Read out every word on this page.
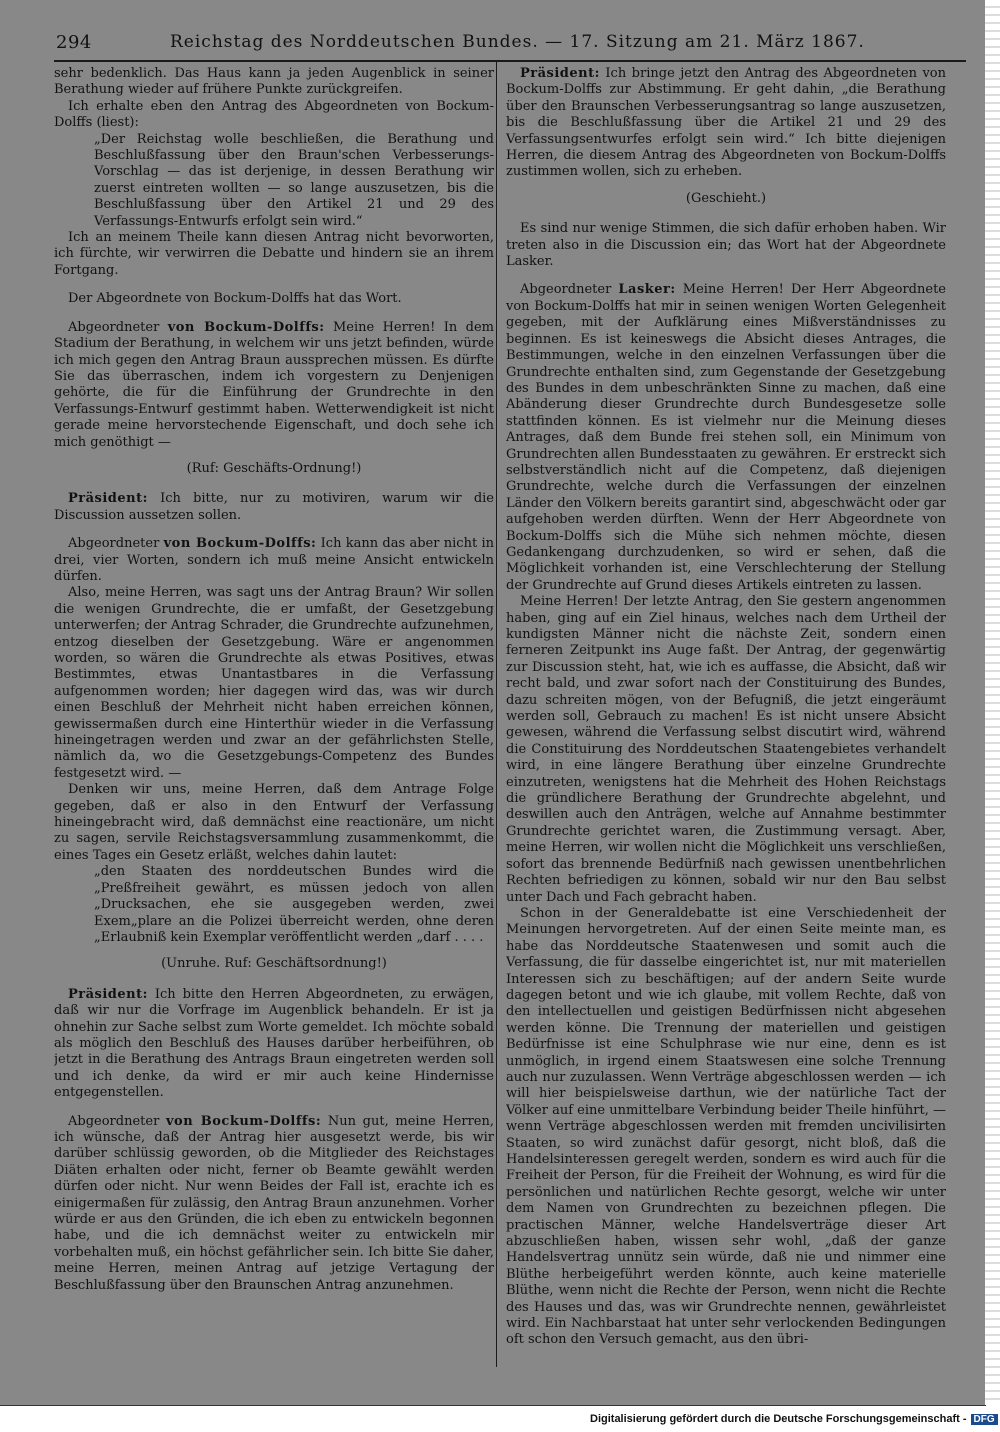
294	Reichstag des Norddeutschen Bundes. — 17. Sitzung am 21. März 1867.

sehr bedenklich. Das Haus kann ja jeden Augenblick in seiner Berathung wieder auf frühere Punkte zurückgreifen.

Ich erhalte eben den Antrag des Abgeordneten von Bockum-Dolffs (liest):

„Der Reichstag wolle beschließen, die Berathung und Beschlußfassung über den Braun'schen Verbesserungs-Vorschlag — das ist derjenige, in dessen Berathung wir zuerst eintreten wollten — so lange auszusetzen, bis die Beschlußfassung über den Artikel 21 und 29 des Verfassungs-Entwurfs erfolgt sein wird.“

Ich an meinem Theile kann diesen Antrag nicht bevorworten, ich fürchte, wir verwirren die Debatte und hindern sie an ihrem Fortgang.

Der Abgeordnete von Bockum-Dolffs hat das Wort.

Abgeordneter von Bockum-Dolffs: Meine Herren! In dem Stadium der Berathung, in welchem wir uns jetzt befinden, würde ich mich gegen den Antrag Braun aussprechen müssen. Es dürfte Sie das überraschen, indem ich vorgestern zu Denjenigen gehörte, die für die Einführung der Grundrechte in den Verfassungs-Entwurf gestimmt haben. Wetterwendigkeit ist nicht gerade meine hervorstechende Eigenschaft, und doch sehe ich mich genöthigt —

(Ruf: Geschäfts-Ordnung!)

Präsident: Ich bitte, nur zu motiviren, warum wir die Discussion aussetzen sollen.

Abgeordneter von Bockum-Dolffs: Ich kann das aber nicht in drei, vier Worten, sondern ich muß meine Ansicht entwickeln dürfen.

Also, meine Herren, was sagt uns der Antrag Braun? Wir sollen die wenigen Grundrechte, die er umfaßt, der Gesetzgebung unterwerfen; der Antrag Schrader, die Grundrechte aufzunehmen, entzog dieselben der Gesetzgebung. Wäre er angenommen worden, so wären die Grundrechte als etwas Positives, etwas Bestimmtes, etwas Unantastbares in die Verfassung aufgenommen worden; hier dagegen wird das, was wir durch einen Beschluß der Mehrheit nicht haben erreichen können, gewissermaßen durch eine Hinterthür wieder in die Verfassung hineingetragen werden und zwar an der gefährlichsten Stelle, nämlich da, wo die Gesetzgebungs-Competenz des Bundes festgesetzt wird. —

Denken wir uns, meine Herren, daß dem Antrage Folge gegeben, daß er also in den Entwurf der Verfassung hineingebracht wird, daß demnächst eine reactionäre, um nicht zu sagen, servile Reichstagsversammlung zusammenkommt, die eines Tages ein Gesetz erläßt, welches dahin lautet:

„den Staaten des norddeutschen Bundes wird die „Preßfreiheit gewährt, es müssen jedoch von allen „Drucksachen, ehe sie ausgegeben werden, zwei Exem„plare an die Polizei überreicht werden, ohne deren „Erlaubniß kein Exemplar veröffentlicht werden „darf . . . .

(Unruhe. Ruf: Geschäftsordnung!)

Präsident: Ich bitte den Herren Abgeordneten, zu erwägen, daß wir nur die Vorfrage im Augenblick behandeln. Er ist ja ohnehin zur Sache selbst zum Worte gemeldet. Ich möchte sobald als möglich den Beschluß des Hauses darüber herbeiführen, ob jetzt in die Berathung des Antrags Braun eingetreten werden soll und ich denke, da wird er mir auch keine Hindernisse entgegenstellen.

Abgeordneter von Bockum-Dolffs: Nun gut, meine Herren, ich wünsche, daß der Antrag hier ausgesetzt werde, bis wir darüber schlüssig geworden, ob die Mitglieder des Reichstages Diäten erhalten oder nicht, ferner ob Beamte gewählt werden dürfen oder nicht. Nur wenn Beides der Fall ist, erachte ich es einigermaßen für zulässig, den Antrag Braun anzunehmen. Vorher würde er aus den Gründen, die ich eben zu entwickeln begonnen habe, und die ich demnächst weiter zu entwickeln mir vorbehalten muß, ein höchst gefährlicher sein. Ich bitte Sie daher, meine Herren, meinen Antrag auf jetzige Vertagung der Beschlußfassung über den Braunschen Antrag anzunehmen.

Präsident: Ich bringe jetzt den Antrag des Abgeordneten von Bockum-Dolffs zur Abstimmung. Er geht dahin, „die Berathung über den Braunschen Verbesserungsantrag so lange auszusetzen, bis die Beschlußfassung über die Artikel 21 und 29 des Verfassungsentwurfes erfolgt sein wird.“ Ich bitte diejenigen Herren, die diesem Antrag des Abgeordneten von Bockum-Dolffs zustimmen wollen, sich zu erheben.

(Geschieht.)

Es sind nur wenige Stimmen, die sich dafür erhoben haben. Wir treten also in die Discussion ein; das Wort hat der Abgeordnete Lasker.

Abgeordneter Lasker: Meine Herren! Der Herr Abgeordnete von Bockum-Dolffs hat mir in seinen wenigen Worten Gelegenheit gegeben, mit der Aufklärung eines Mißverständnisses zu beginnen. Es ist keineswegs die Absicht dieses Antrages, die Bestimmungen, welche in den einzelnen Verfassungen über die Grundrechte enthalten sind, zum Gegenstande der Gesetzgebung des Bundes in dem unbeschränkten Sinne zu machen, daß eine Abänderung dieser Grundrechte durch Bundesgesetze solle stattfinden können. Es ist vielmehr nur die Meinung dieses Antrages, daß dem Bunde frei stehen soll, ein Minimum von Grundrechten allen Bundesstaaten zu gewähren. Er erstreckt sich selbstverständlich nicht auf die Competenz, daß diejenigen Grundrechte, welche durch die Verfassungen der einzelnen Länder den Völkern bereits garantirt sind, abgeschwächt oder gar aufgehoben werden dürften. Wenn der Herr Abgeordnete von Bockum-Dolffs sich die Mühe sich nehmen möchte, diesen Gedankengang durchzudenken, so wird er sehen, daß die Möglichkeit vorhanden ist, eine Verschlechterung der Stellung der Grundrechte auf Grund dieses Artikels eintreten zu lassen.

Meine Herren! Der letzte Antrag, den Sie gestern angenommen haben, ging auf ein Ziel hinaus, welches nach dem Urtheil der kundigsten Männer nicht die nächste Zeit, sondern einen ferneren Zeitpunkt ins Auge faßt. Der Antrag, der gegenwärtig zur Discussion steht, hat, wie ich es auffasse, die Absicht, daß wir recht bald, und zwar sofort nach der Constituirung des Bundes, dazu schreiten mögen, von der Befugniß, die jetzt eingeräumt werden soll, Gebrauch zu machen! Es ist nicht unsere Absicht gewesen, während die Verfassung selbst discutirt wird, während die Constituirung des Norddeutschen Staatengebietes verhandelt wird, in eine längere Berathung über einzelne Grundrechte einzutreten, wenigstens hat die Mehrheit des Hohen Reichstags die gründlichere Berathung der Grundrechte abgelehnt, und deswillen auch den Anträgen, welche auf Annahme bestimmter Grundrechte gerichtet waren, die Zustimmung versagt. Aber, meine Herren, wir wollen nicht die Möglichkeit uns verschließen, sofort das brennende Bedürfniß nach gewissen unentbehrlichen Rechten befriedigen zu können, sobald wir nur den Bau selbst unter Dach und Fach gebracht haben.

Schon in der Generaldebatte ist eine Verschiedenheit der Meinungen hervorgetreten. Auf der einen Seite meinte man, es habe das Norddeutsche Staatenwesen und somit auch die Verfassung, die für dasselbe eingerichtet ist, nur mit materiellen Interessen sich zu beschäftigen; auf der andern Seite wurde dagegen betont und wie ich glaube, mit vollem Rechte, daß von den intellectuellen und geistigen Bedürfnissen nicht abgesehen werden könne. Die Trennung der materiellen und geistigen Bedürfnisse ist eine Schulphrase wie nur eine, denn es ist unmöglich, in irgend einem Staatswesen eine solche Trennung auch nur zuzulassen. Wenn Verträge abgeschlossen werden — ich will hier beispielsweise darthun, wie der natürliche Tact der Völker auf eine unmittelbare Verbindung beider Theile hinführt, — wenn Verträge abgeschlossen werden mit fremden uncivilisirten Staaten, so wird zunächst dafür gesorgt, nicht bloß, daß die Handelsinteressen geregelt werden, sondern es wird auch für die Freiheit der Person, für die Freiheit der Wohnung, es wird für die persönlichen und natürlichen Rechte gesorgt, welche wir unter dem Namen von Grundrechten zu bezeichnen pflegen. Die practischen Männer, welche Handelsverträge dieser Art abzuschließen haben, wissen sehr wohl, „daß der ganze Handelsvertrag unnütz sein würde, daß nie und nimmer eine Blüthe herbeigeführt werden könnte, auch keine materielle Blüthe, wenn nicht die Rechte der Person, wenn nicht die Rechte des Hauses und das, was wir Grundrechte nennen, gewährleistet wird. Ein Nachbarstaat hat unter sehr verlockenden Bedingungen oft schon den Versuch gemacht, aus den übri-

Digitalisierung gefördert durch die Deutsche Forschungsgemeinschaft - DFG
